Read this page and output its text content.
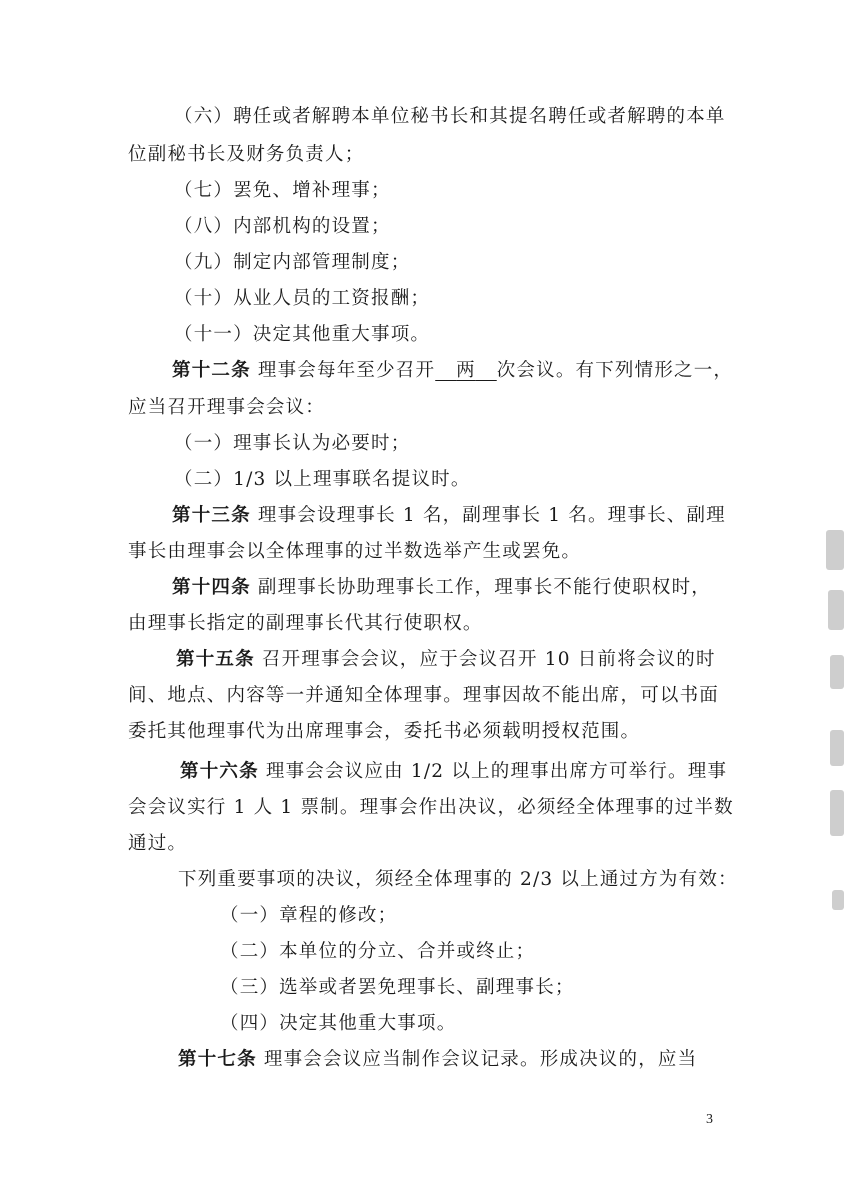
（六）聘任或者解聘本单位秘书长和其提名聘任或者解聘的本单
位副秘书长及财务负责人；
（七）罢免、增补理事；
（八）内部机构的设置；
（九）制定内部管理制度；
（十）从业人员的工资报酬；
（十一）决定其他重大事项。
第十二条 理事会每年至少召开   两   次会议。有下列情形之一，
应当召开理事会会议：
（一）理事长认为必要时；
（二）1/3 以上理事联名提议时。
第十三条 理事会设理事长 1 名，副理事长 1 名。理事长、副理
事长由理事会以全体理事的过半数选举产生或罢免。
第十四条 副理事长协助理事长工作，理事长不能行使职权时，
由理事长指定的副理事长代其行使职权。
第十五条 召开理事会会议，应于会议召开 10 日前将会议的时
间、地点、内容等一并通知全体理事。理事因故不能出席，可以书面
委托其他理事代为出席理事会，委托书必须载明授权范围。
第十六条 理事会会议应由 1/2 以上的理事出席方可举行。理事
会会议实行 1 人 1 票制。理事会作出决议，必须经全体理事的过半数
通过。
下列重要事项的决议，须经全体理事的 2/3 以上通过方为有效：
（一）章程的修改；
（二）本单位的分立、合并或终止；
（三）选举或者罢免理事长、副理事长；
（四）决定其他重大事项。
第十七条 理事会会议应当制作会议记录。形成决议的，应当
3
